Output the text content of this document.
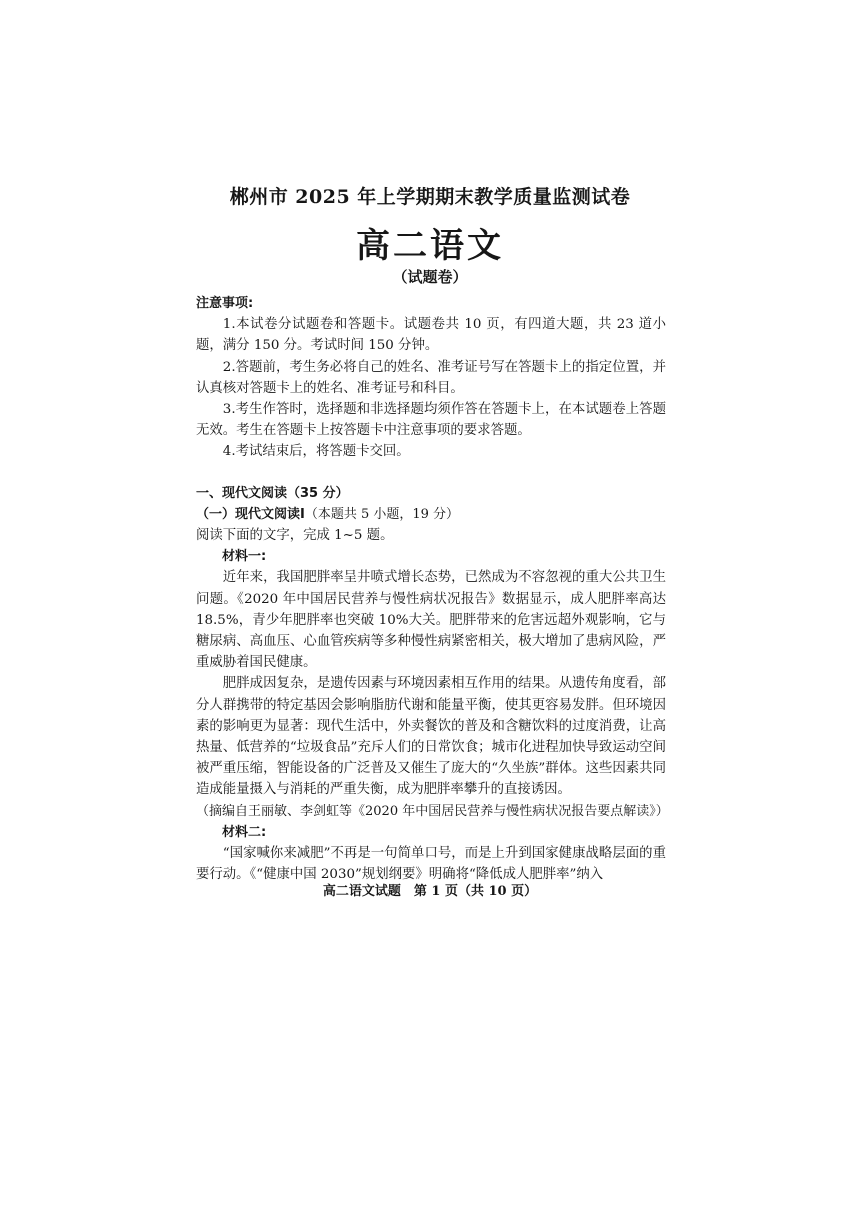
郴州市 2025 年上学期期末教学质量监测试卷
高二语文
（试题卷）

注意事项:

1.本试卷分试题卷和答题卡。试题卷共 10 页，有四道大题，共 23 道小题，满分 150 分。考试时间 150 分钟。

2.答题前，考生务必将自己的姓名、准考证号写在答题卡上的指定位置，并认真核对答题卡上的姓名、准考证号和科目。

3.考生作答时，选择题和非选择题均须作答在答题卡上，在本试题卷上答题无效。考生在答题卡上按答题卡中注意事项的要求答题。

4.考试结束后，将答题卡交回。

一、现代文阅读（35 分）

（一）现代文阅读Ⅰ（本题共 5 小题，19 分）

阅读下面的文字，完成 1~5 题。

材料一:

近年来，我国肥胖率呈井喷式增长态势，已然成为不容忽视的重大公共卫生问题。《2020 年中国居民营养与慢性病状况报告》数据显示，成人肥胖率高达 18.5%，青少年肥胖率也突破 10%大关。肥胖带来的危害远超外观影响，它与糖尿病、高血压、心血管疾病等多种慢性病紧密相关，极大增加了患病风险，严重威胁着国民健康。

肥胖成因复杂，是遗传因素与环境因素相互作用的结果。从遗传角度看，部分人群携带的特定基因会影响脂肪代谢和能量平衡，使其更容易发胖。但环境因素的影响更为显著：现代生活中，外卖餐饮的普及和含糖饮料的过度消费，让高热量、低营养的“垃圾食品”充斥人们的日常饮食；城市化进程加快导致运动空间被严重压缩，智能设备的广泛普及又催生了庞大的“久坐族”群体。这些因素共同造成能量摄入与消耗的严重失衡，成为肥胖率攀升的直接诱因。

（摘编自王丽敏、李剑虹等《2020 年中国居民营养与慢性病状况报告要点解读》）

材料二:

“国家喊你来减肥”不再是一句简单口号，而是上升到国家健康战略层面的重要行动。《“健康中国 2030”规划纲要》明确将“降低成人肥胖率”纳入

高二语文试题　第 1 页（共 10 页）
